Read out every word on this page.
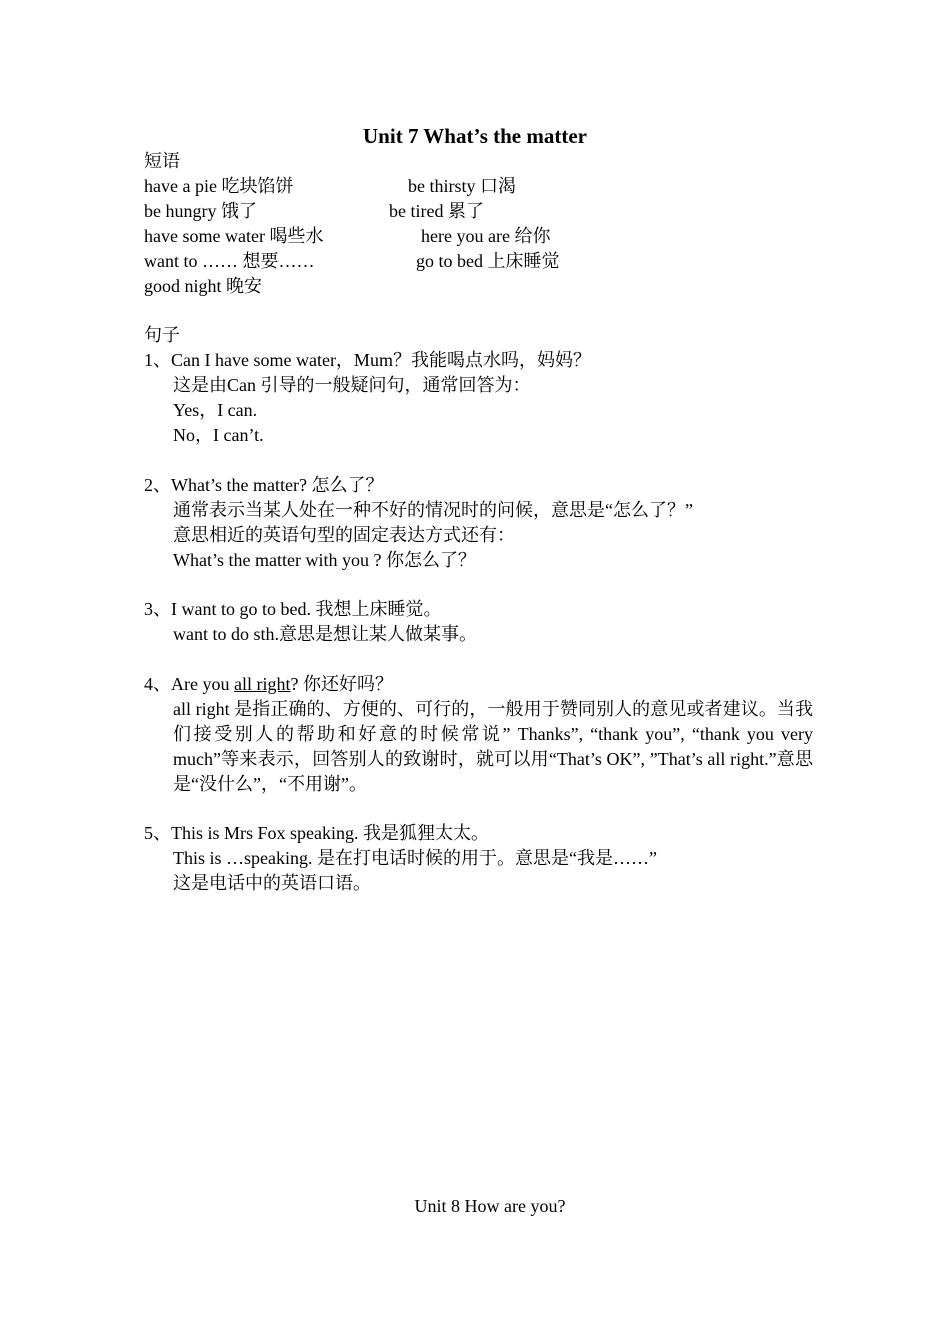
Unit 7 What’s the matter
短语
have a pie 吃块馅饼	be thirsty 口渴
be hungry 饿了	be tired 累了
have some water 喝些水	here you are 给你
want to …… 想要……	go to bed 上床睡觉
good night 晚安
句子
1、Can I have some water，Mum？我能喝点水吗，妈妈？
这是由Can 引导的一般疑问句，通常回答为：
Yes，I can.
No，I can’t.
2、What’s the matter? 怎么了？
通常表示当某人处在一种不好的情况时的问候，意思是“怎么了？”
意思相近的英语句型的固定表达方式还有：
What’s the matter with you ? 你怎么了？
3、I want to go to bed. 我想上床睡觉。
want to do sth.意思是想让某人做某事。
4、Are you all right? 你还好吗？
all right 是指正确的、方便的、可行的，一般用于赞同别人的意见或者建议。当我们接受别人的帮助和好意的时候常说” Thanks”, “thank you”, “thank you very much”等来表示，回答别人的致谢时，就可以用“That’s OK”, ”That’s all right.”意思是“没什么”，“不用谢”。
5、This is Mrs Fox speaking. 我是狐狸太太。
This is …speaking. 是在打电话时候的用于。意思是“我是……”
这是电话中的英语口语。
Unit 8 How are you?
